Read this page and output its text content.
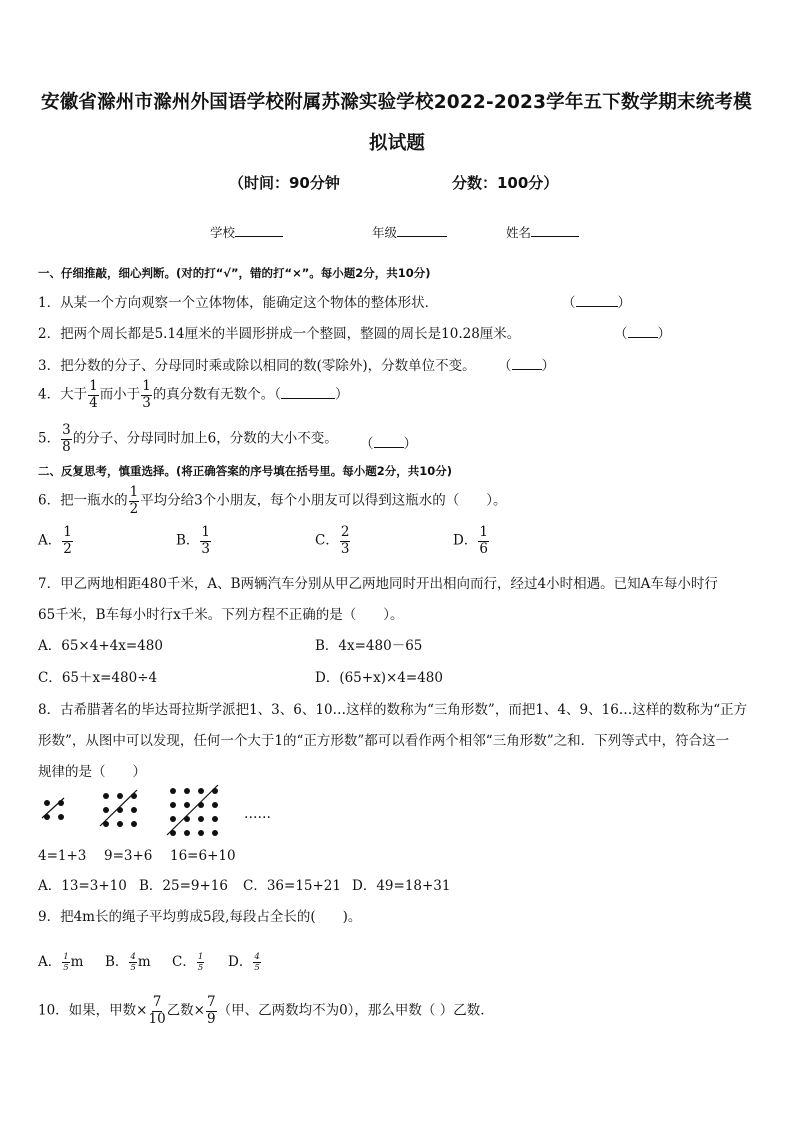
安徽省滁州市滁州外国语学校附属苏滁实验学校2022-2023学年五下数学期末统考模
拟试题
（时间：90分钟	分数：100分）
学校	年级	姓名
一、仔细推敲，细心判断。(对的打“√”，错的打“×”。每小题2分，共10分)
1．从某一个方向观察一个立体物体，能确定这个物体的整体形状．	（	）
2．把两个周长都是5.14厘米的半圆形拼成一个整圆，整圆的周长是10.28厘米。	（ ）
3．把分数的分子、分母同时乘或除以相同的数(零除外)，分数单位不变。 （ ）
4．大于 $\frac{1}{4}$ 而小于 $\frac{1}{3}$ 的真分数有无数个。（	）
5． $\frac{3}{8}$ 的分子、分母同时加上6，分数的大小不变。 （ ）
二、反复思考，慎重选择。(将正确答案的序号填在括号里。每小题2分，共10分)
6．把一瓶水的 $\frac{1}{2}$ 平均分给3个小朋友，每个小朋友可以得到这瓶水的（　　）。
A． $\frac{1}{2}$	B． $\frac{1}{3}$	C． $\frac{2}{3}$	D． $\frac{1}{6}$
7．甲乙两地相距480千米，A、B两辆汽车分别从甲乙两地同时开出相向而行，经过4小时相遇。已知A车每小时行
65千米，B车每小时行x千米。下列方程不正确的是（　　）。
A．65×4+4x=480	B．4x=480－65
C．65＋x=480÷4	D．(65+x)×4=480
8．古希腊著名的毕达哥拉斯学派把1、3、6、10…这样的数称为“三角形数”，而把1、4、9、16…这样的数称为“正方
形数”，从图中可以发现，任何一个大于1的“正方形数”都可以看作两个相邻“三角形数”之和．下列等式中，符合这一
规律的是（　　）
……
4=1+3 9=3+6 16=6+10
A．13=3+10 B．25=9+16 C．36=15+21 D．49=18+31
9．把4m长的绳子平均剪成5段,每段占全长的(　　)。
A． $\frac{1}{5}$ m B． $\frac{4}{5}$ m C． $\frac{1}{5}$ D． $\frac{4}{5}$
10．如果，甲数× $\frac{7}{10}$ 乙数× $\frac{7}{9}$ （甲、乙两数均不为0），那么甲数（ ）乙数．
